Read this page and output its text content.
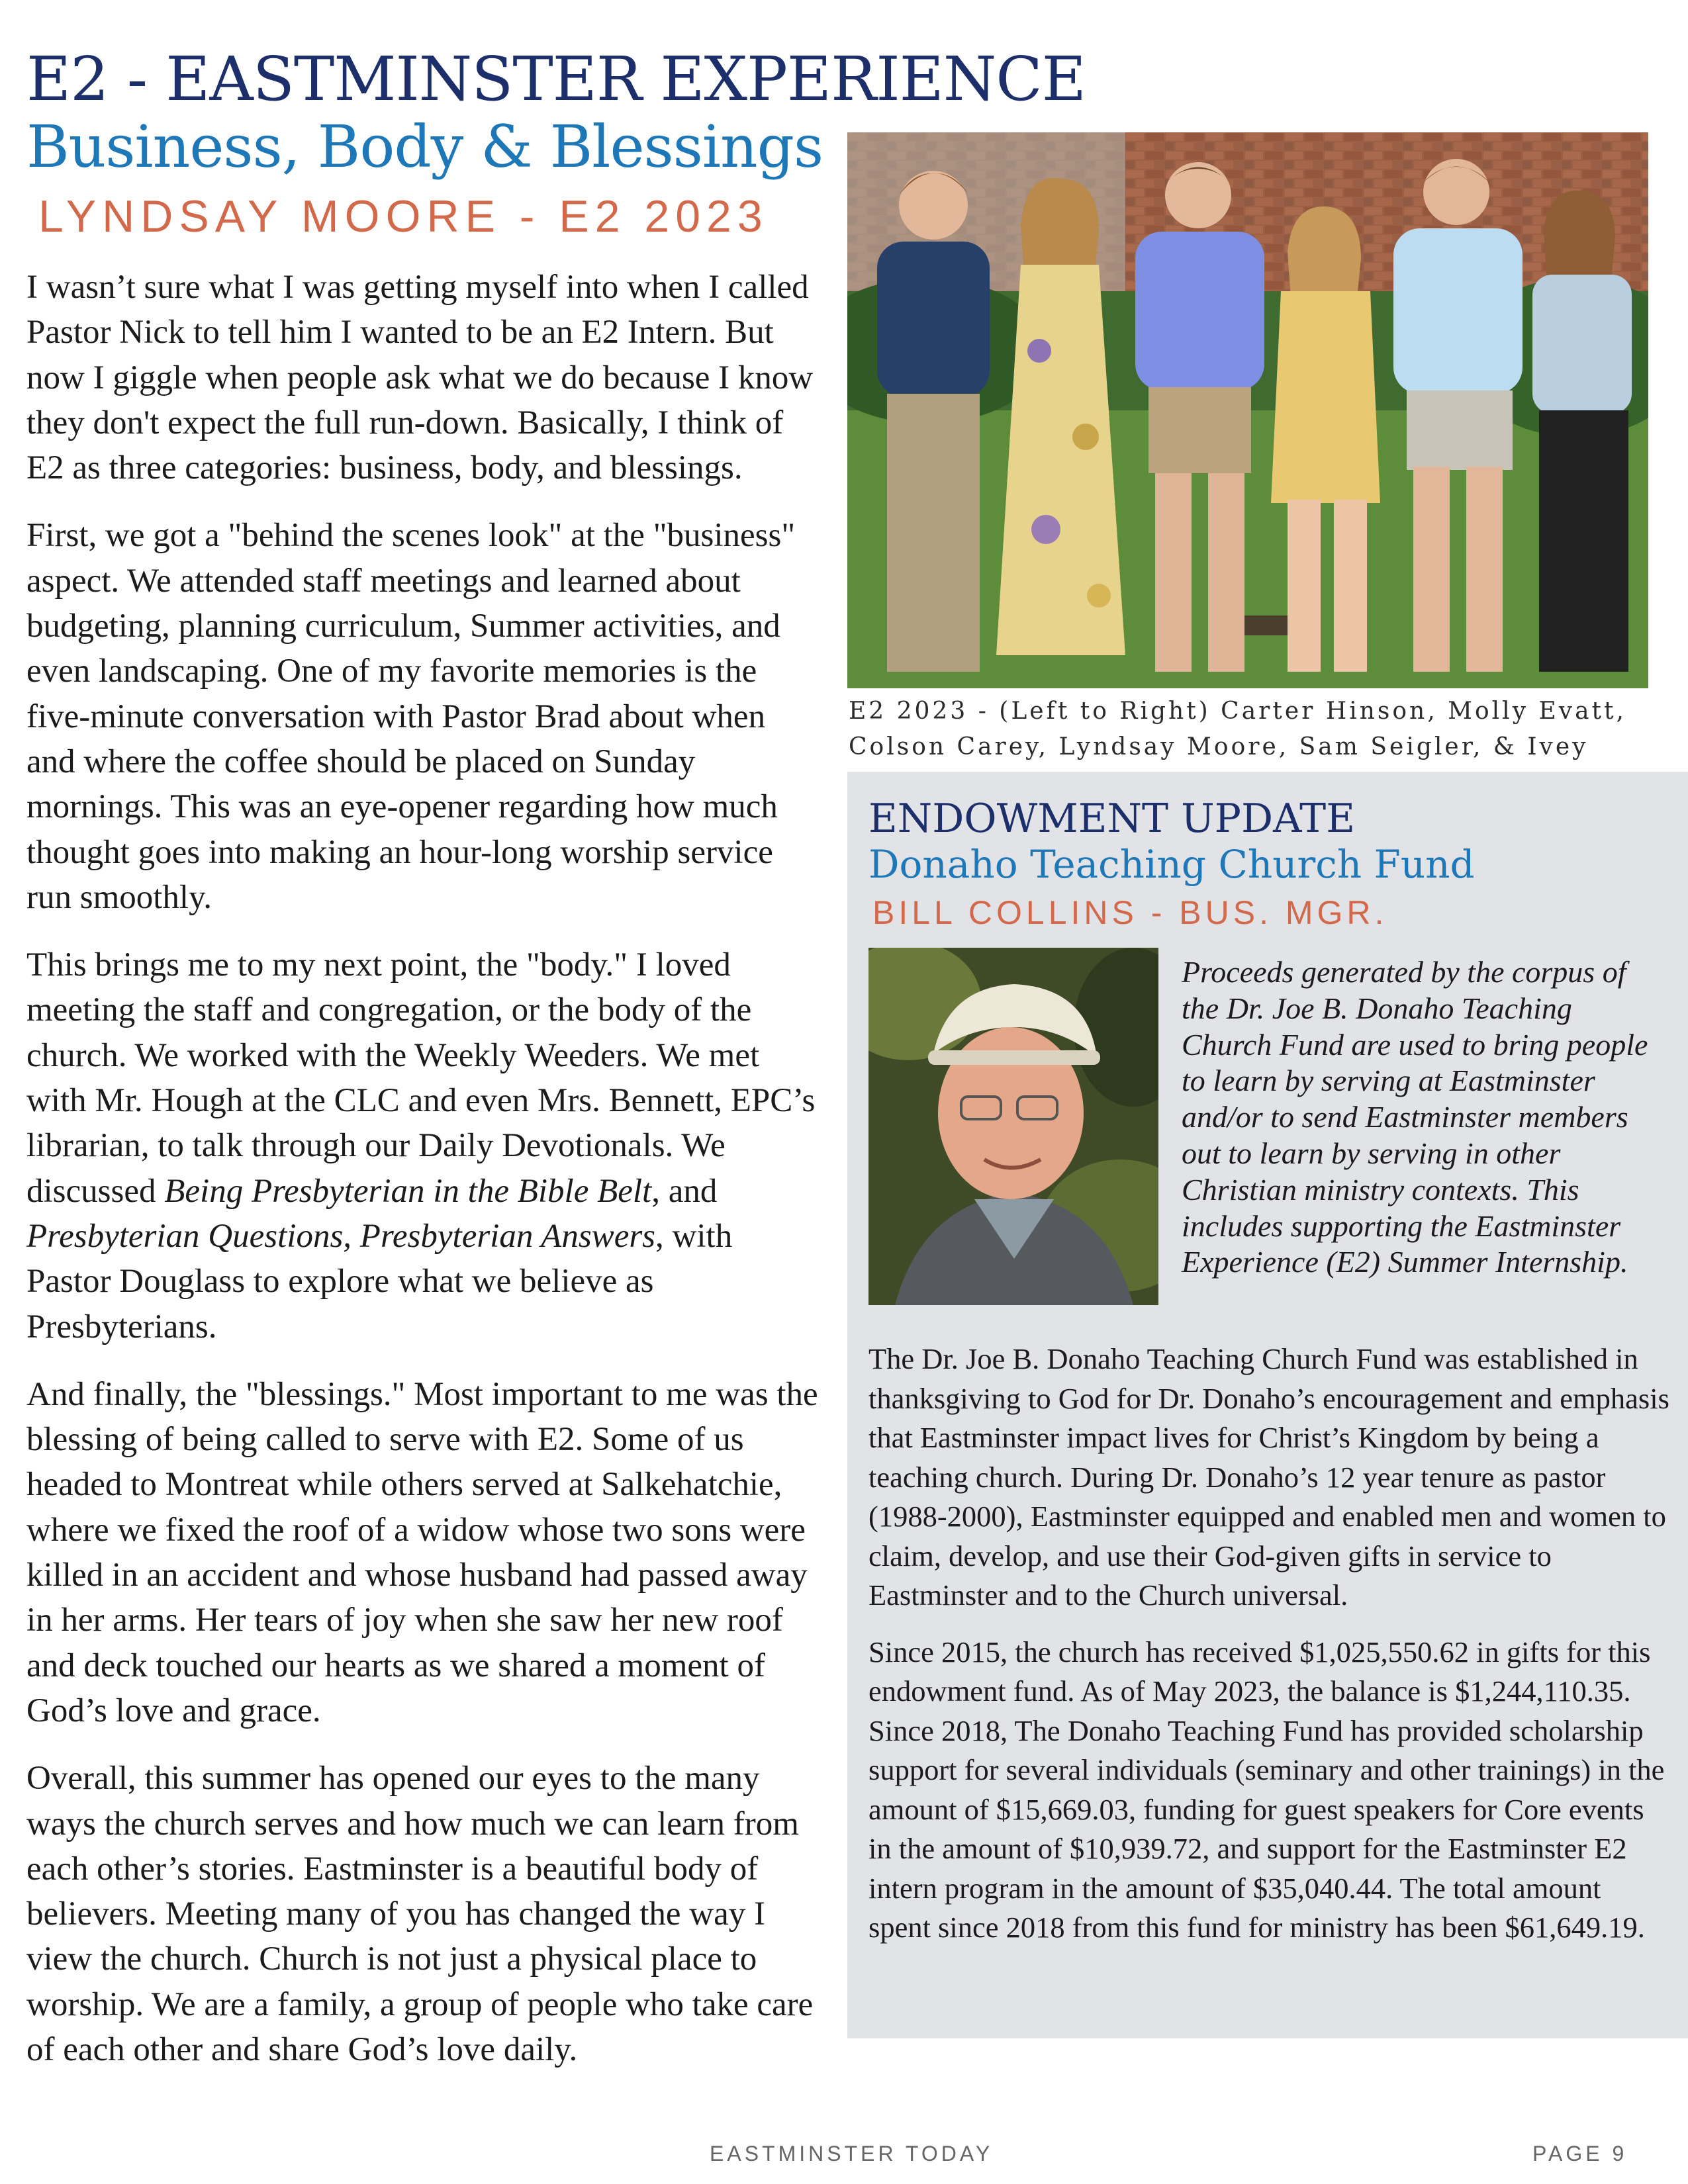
E2 - EASTMINSTER EXPERIENCE
Business, Body & Blessings
LYNDSAY MOORE - E2 2023

I wasn’t sure what I was getting myself into when I called Pastor Nick to tell him I wanted to be an E2 Intern. But now I giggle when people ask what we do because I know they don't expect the full run-down. Basically, I think of E2 as three categories: business, body, and blessings.

First, we got a "behind the scenes look" at the "business" aspect. We attended staff meetings and learned about budgeting, planning curriculum, Summer activities, and even landscaping. One of my favorite memories is the five-minute conversation with Pastor Brad about when and where the coffee should be placed on Sunday mornings. This was an eye-opener regarding how much thought goes into making an hour-long worship service run smoothly.

This brings me to my next point, the "body." I loved meeting the staff and congregation, or the body of the church. We worked with the Weekly Weeders. We met with Mr. Hough at the CLC and even Mrs. Bennett, EPC’s librarian, to talk through our Daily Devotionals. We discussed Being Presbyterian in the Bible Belt, and Presbyterian Questions, Presbyterian Answers, with Pastor Douglass to explore what we believe as Presbyterians.

And finally, the "blessings." Most important to me was the blessing of being called to serve with E2. Some of us headed to Montreat while others served at Salkehatchie, where we fixed the roof of a widow whose two sons were killed in an accident and whose husband had passed away in her arms. Her tears of joy when she saw her new roof and deck touched our hearts as we shared a moment of God’s love and grace.

Overall, this summer has opened our eyes to the many ways the church serves and how much we can learn from each other’s stories. Eastminster is a beautiful body of believers. Meeting many of you has changed the way I view the church. Church is not just a physical place to worship. We are a family, a group of people who take care of each other and share God’s love daily.

E2 2023 - (Left to Right) Carter Hinson, Molly Evatt, Colson Carey, Lyndsay Moore, Sam Seigler, & Ivey
ENDOWMENT UPDATE
Donaho Teaching Church Fund
BILL COLLINS - BUS. MGR.
Proceeds generated by the corpus of the Dr. Joe B. Donaho Teaching Church Fund are used to bring people to learn by serving at Eastminster and/or to send Eastminster members out to learn by serving in other Christian ministry contexts. This includes supporting the Eastminster Experience (E2) Summer Internship.

The Dr. Joe B. Donaho Teaching Church Fund was established in thanksgiving to God for Dr. Donaho’s encouragement and emphasis that Eastminster impact lives for Christ’s Kingdom by being a teaching church. During Dr. Donaho’s 12 year tenure as pastor (1988-2000), Eastminster equipped and enabled men and women to claim, develop, and use their God-given gifts in service to Eastminster and to the Church universal.

Since 2015, the church has received $1,025,550.62 in gifts for this endowment fund. As of May 2023, the balance is $1,244,110.35. Since 2018, The Donaho Teaching Fund has provided scholarship support for several individuals (seminary and other trainings) in the amount of $15,669.03, funding for guest speakers for Core events in the amount of $10,939.72, and support for the Eastminster E2 intern program in the amount of $35,040.44. The total amount spent since 2018 from this fund for ministry has been $61,649.19.

EASTMINSTER TODAY	PAGE 9
